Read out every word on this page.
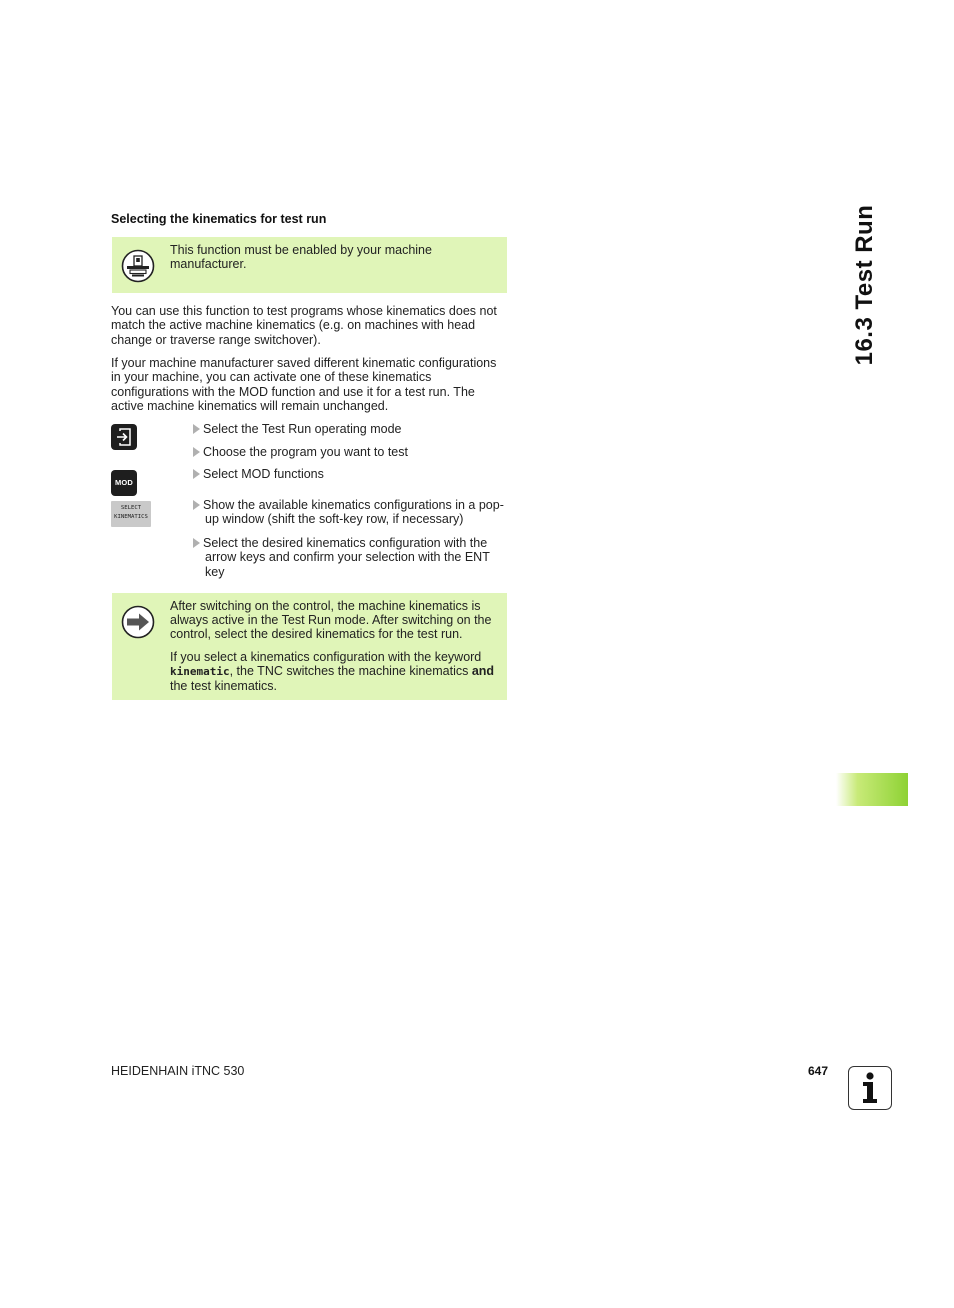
Selecting the kinematics for test run
This function must be enabled by your machine manufacturer.
You can use this function to test programs whose kinematics does not match the active machine kinematics (e.g. on machines with head change or traverse range switchover).
If your machine manufacturer saved different kinematic configurations in your machine, you can activate one of these kinematics configurations with the MOD function and use it for a test run. The active machine kinematics will remain unchanged.
MOD
SELECT
KINEMATICS
Select the Test Run operating mode
Choose the program you want to test
Select MOD functions
Show the available kinematics configurations in a pop-
up window (shift the soft-key row, if necessary)
Select the desired kinematics configuration with the
arrow keys and confirm your selection with the ENT
key
After switching on the control, the machine kinematics is always active in the Test Run mode. After switching on the control, select the desired kinematics for the test run.
If you select a kinematics configuration with the keyword kinematic, the TNC switches the machine kinematics and the test kinematics.
16.3 Test Run
HEIDENHAIN iTNC 530	647
